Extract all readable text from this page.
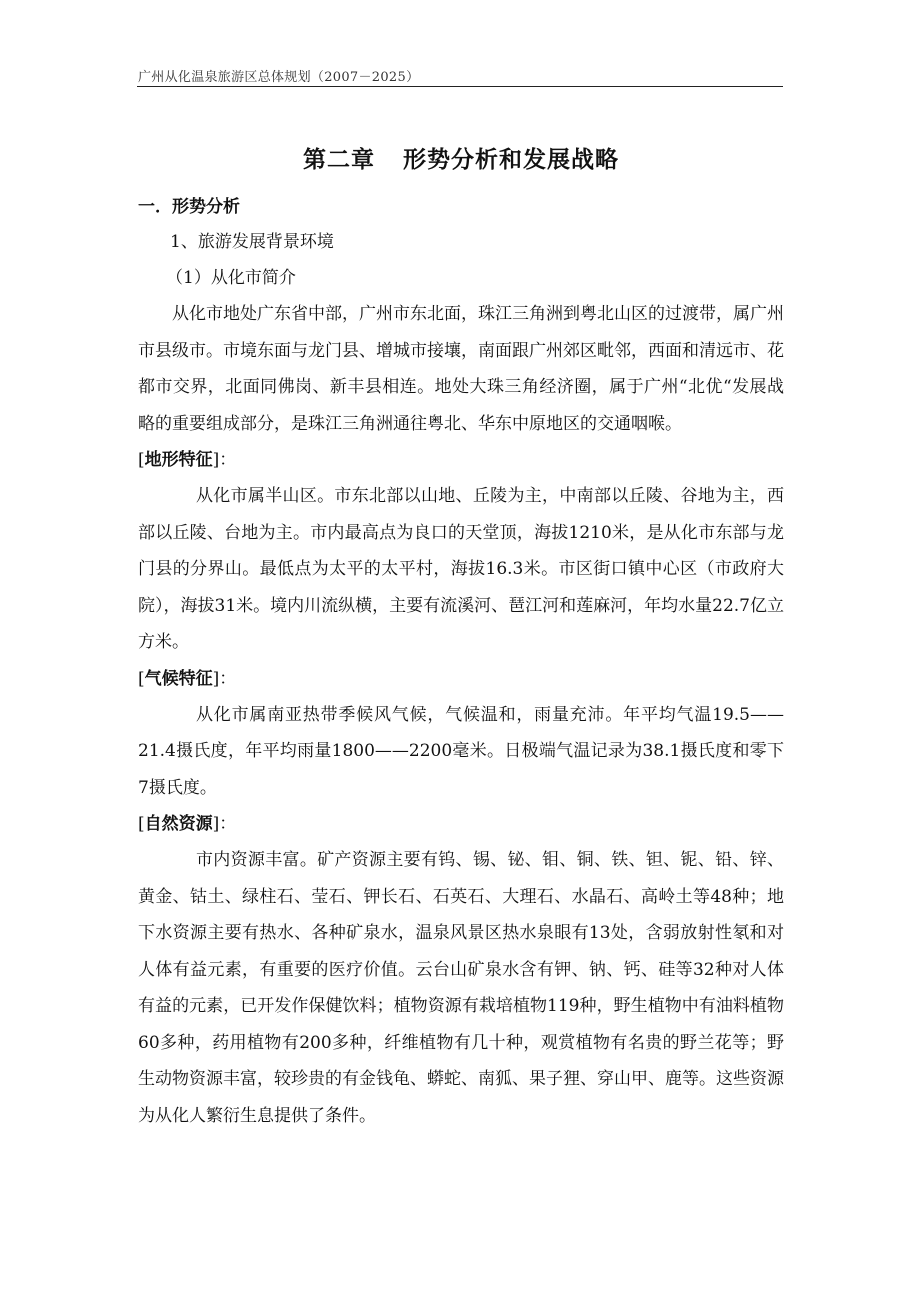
广州从化温泉旅游区总体规划（2007－2025）
第二章 形势分析和发展战略

一．形势分析

1、旅游发展背景环境

（1）从化市简介

从化市地处广东省中部，广州市东北面，珠江三角洲到粤北山区的过渡带，属广州市县级市。市境东面与龙门县、增城市接壤，南面跟广州郊区毗邻，西面和清远市、花都市交界，北面同佛岗、新丰县相连。地处大珠三角经济圈，属于广州“北优“发展战略的重要组成部分，是珠江三角洲通往粤北、华东中原地区的交通咽喉。

[地形特征]：

从化市属半山区。市东北部以山地、丘陵为主，中南部以丘陵、谷地为主，西部以丘陵、台地为主。市内最高点为良口的天堂顶，海拔1210米，是从化市东部与龙门县的分界山。最低点为太平的太平村，海拔16.3米。市区街口镇中心区（市政府大院），海拔31米。境内川流纵横，主要有流溪河、琶江河和莲麻河，年均水量22.7亿立方米。

[气候特征]：

从化市属南亚热带季候风气候，气候温和，雨量充沛。年平均气温19.5——21.4摄氏度，年平均雨量1800——2200毫米。日极端气温记录为38.1摄氏度和零下7摄氏度。

[自然资源]：

市内资源丰富。矿产资源主要有钨、锡、铋、钼、铜、铁、钽、铌、铅、锌、黄金、钴土、绿柱石、莹石、钾长石、石英石、大理石、水晶石、高岭土等48种；地下水资源主要有热水、各种矿泉水，温泉风景区热水泉眼有13处，含弱放射性氡和对人体有益元素，有重要的医疗价值。云台山矿泉水含有钾、钠、钙、硅等32种对人体有益的元素，已开发作保健饮料；植物资源有栽培植物119种，野生植物中有油料植物60多种，药用植物有200多种，纤维植物有几十种，观赏植物有名贵的野兰花等；野生动物资源丰富，较珍贵的有金钱龟、蟒蛇、南狐、果子狸、穿山甲、鹿等。这些资源为从化人繁衍生息提供了条件。
